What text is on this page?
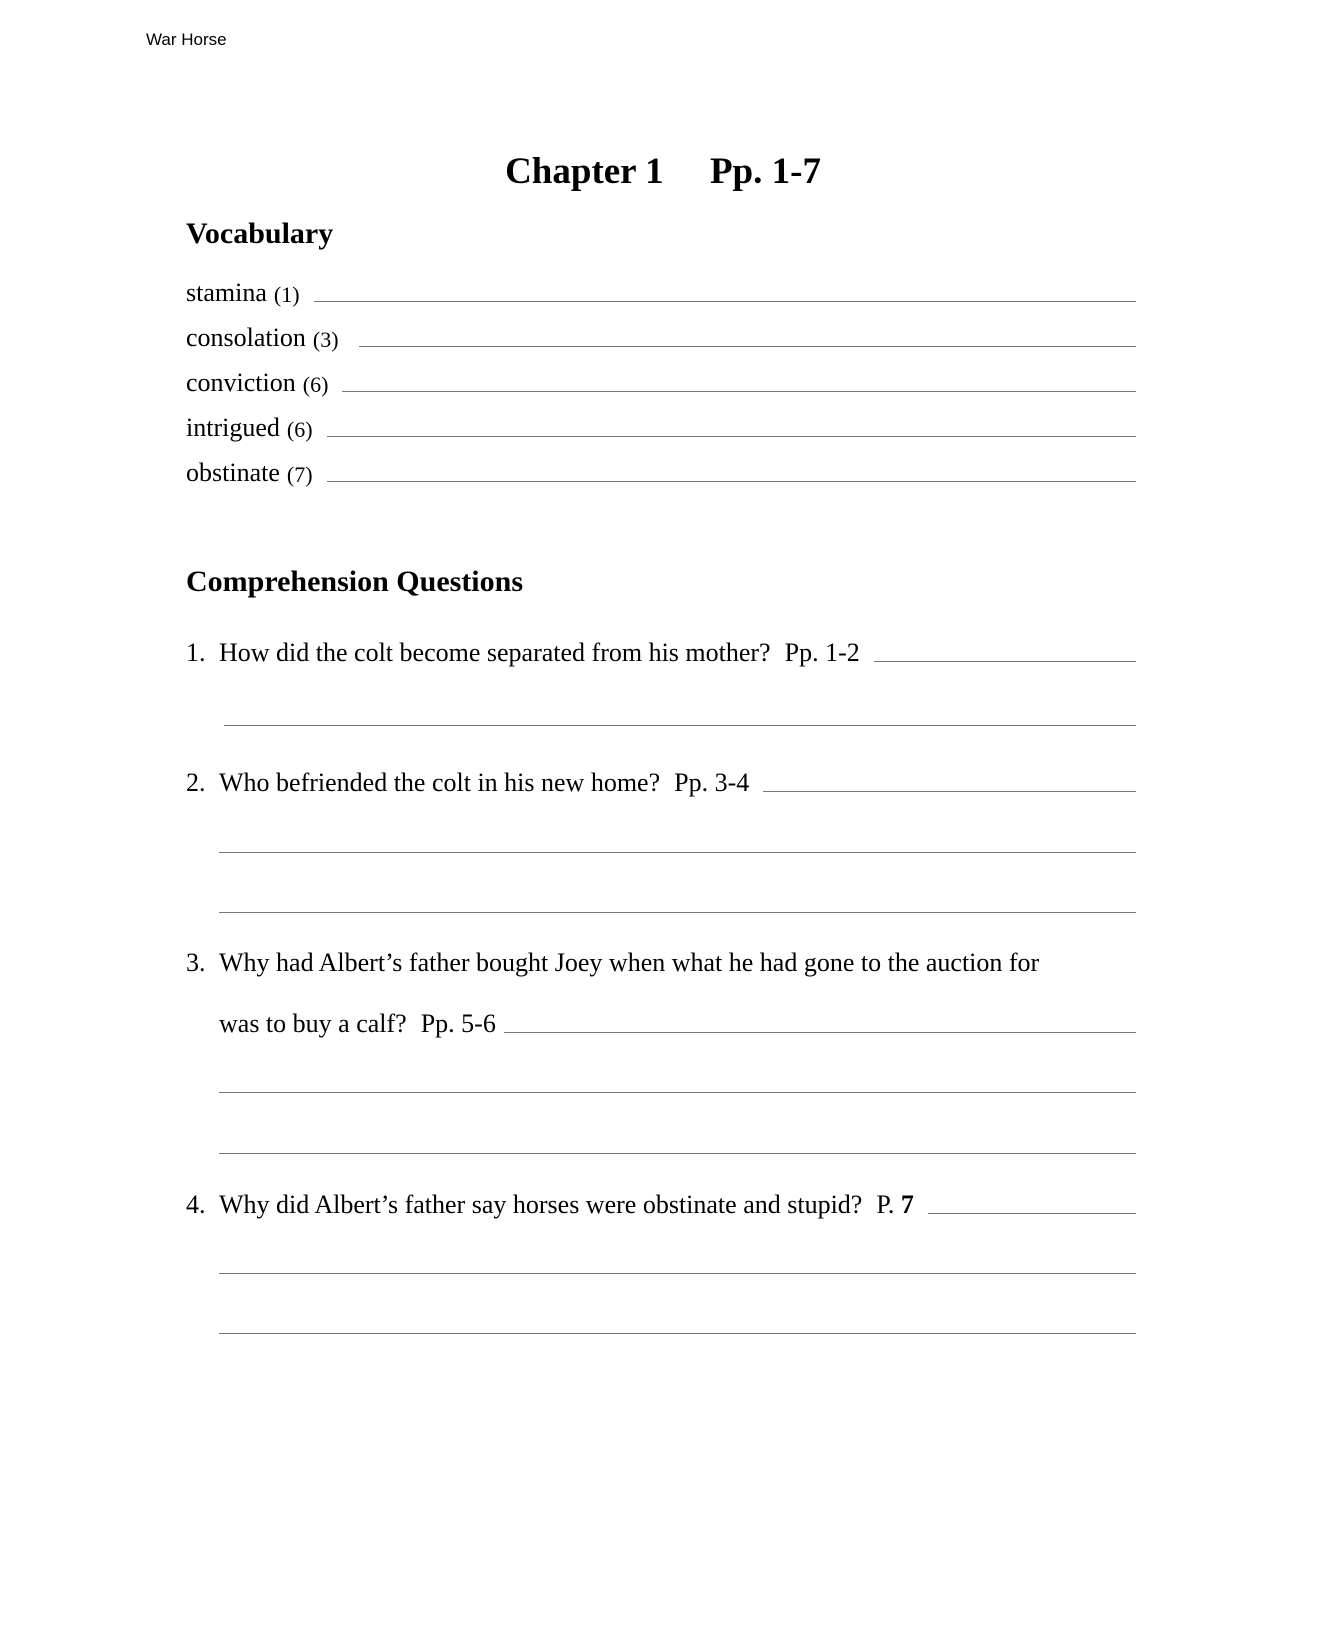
War Horse
Chapter 1 Pp. 1-7
Vocabulary
stamina (1)
consolation (3)
conviction (6)
intrigued (6)
obstinate (7)
Comprehension Questions
1. How did the colt become separated from his mother? Pp. 1-2
2. Who befriended the colt in his new home? Pp. 3-4
3. Why had Albert’s father bought Joey when what he had gone to the auction for
was to buy a calf? Pp. 5-6
4. Why did Albert’s father say horses were obstinate and stupid? P. 7
